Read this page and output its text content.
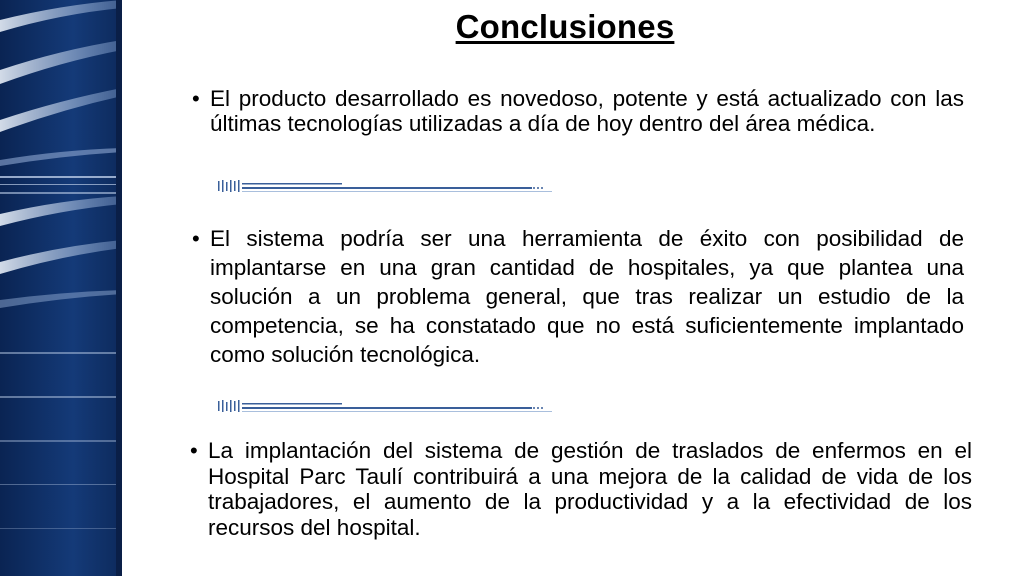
Conclusiones
• El producto desarrollado es novedoso, potente y está actualizado con las últimas tecnologías utilizadas a día de hoy dentro del área médica.
• El sistema podría ser una herramienta de éxito con posibilidad de implantarse en una gran cantidad de hospitales, ya que plantea una solución a un problema general, que tras realizar un estudio de la competencia, se ha constatado que no está suficientemente implantado como solución tecnológica.
• La implantación del sistema de gestión de traslados de enfermos en el Hospital Parc Taulí contribuirá a una mejora de la calidad de vida de los trabajadores, el aumento de la productividad y a la efectividad de los recursos del hospital.
